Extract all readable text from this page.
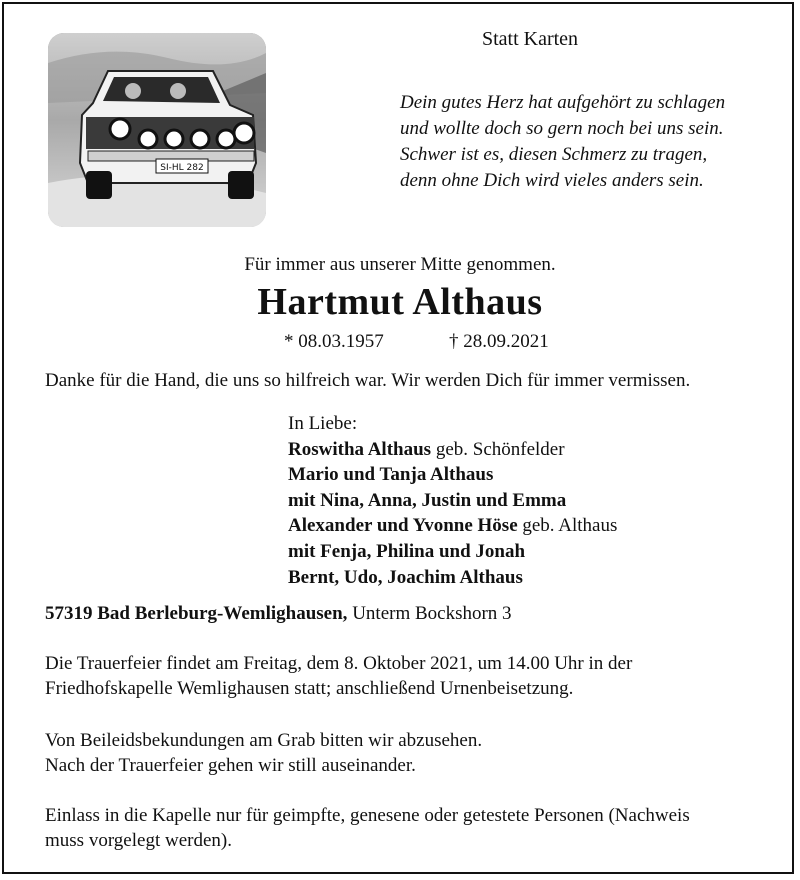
SI-HL 282
Statt Karten
Dein gutes Herz hat aufgehört zu schlagen
und wollte doch so gern noch bei uns sein.
Schwer ist es, diesen Schmerz zu tragen,
denn ohne Dich wird vieles anders sein.
Für immer aus unserer Mitte genommen.
Hartmut Althaus
* 08.03.1957	† 28.09.2021
Danke für die Hand, die uns so hilfreich war. Wir werden Dich für immer vermissen.
In Liebe:
Roswitha Althaus geb. Schönfelder
Mario und Tanja Althaus
mit Nina, Anna, Justin und Emma
Alexander und Yvonne Höse geb. Althaus
mit Fenja, Philina und Jonah
Bernt, Udo, Joachim Althaus
57319 Bad Berleburg-Wemlighausen, Unterm Bockshorn 3
Die Trauerfeier findet am Freitag, dem 8. Oktober 2021, um 14.00 Uhr in der
Friedhofskapelle Wemlighausen statt; anschließend Urnenbeisetzung.
Von Beileidsbekundungen am Grab bitten wir abzusehen.
Nach der Trauerfeier gehen wir still auseinander.
Einlass in die Kapelle nur für geimpfte, genesene oder getestete Personen (Nachweis
muss vorgelegt werden).
